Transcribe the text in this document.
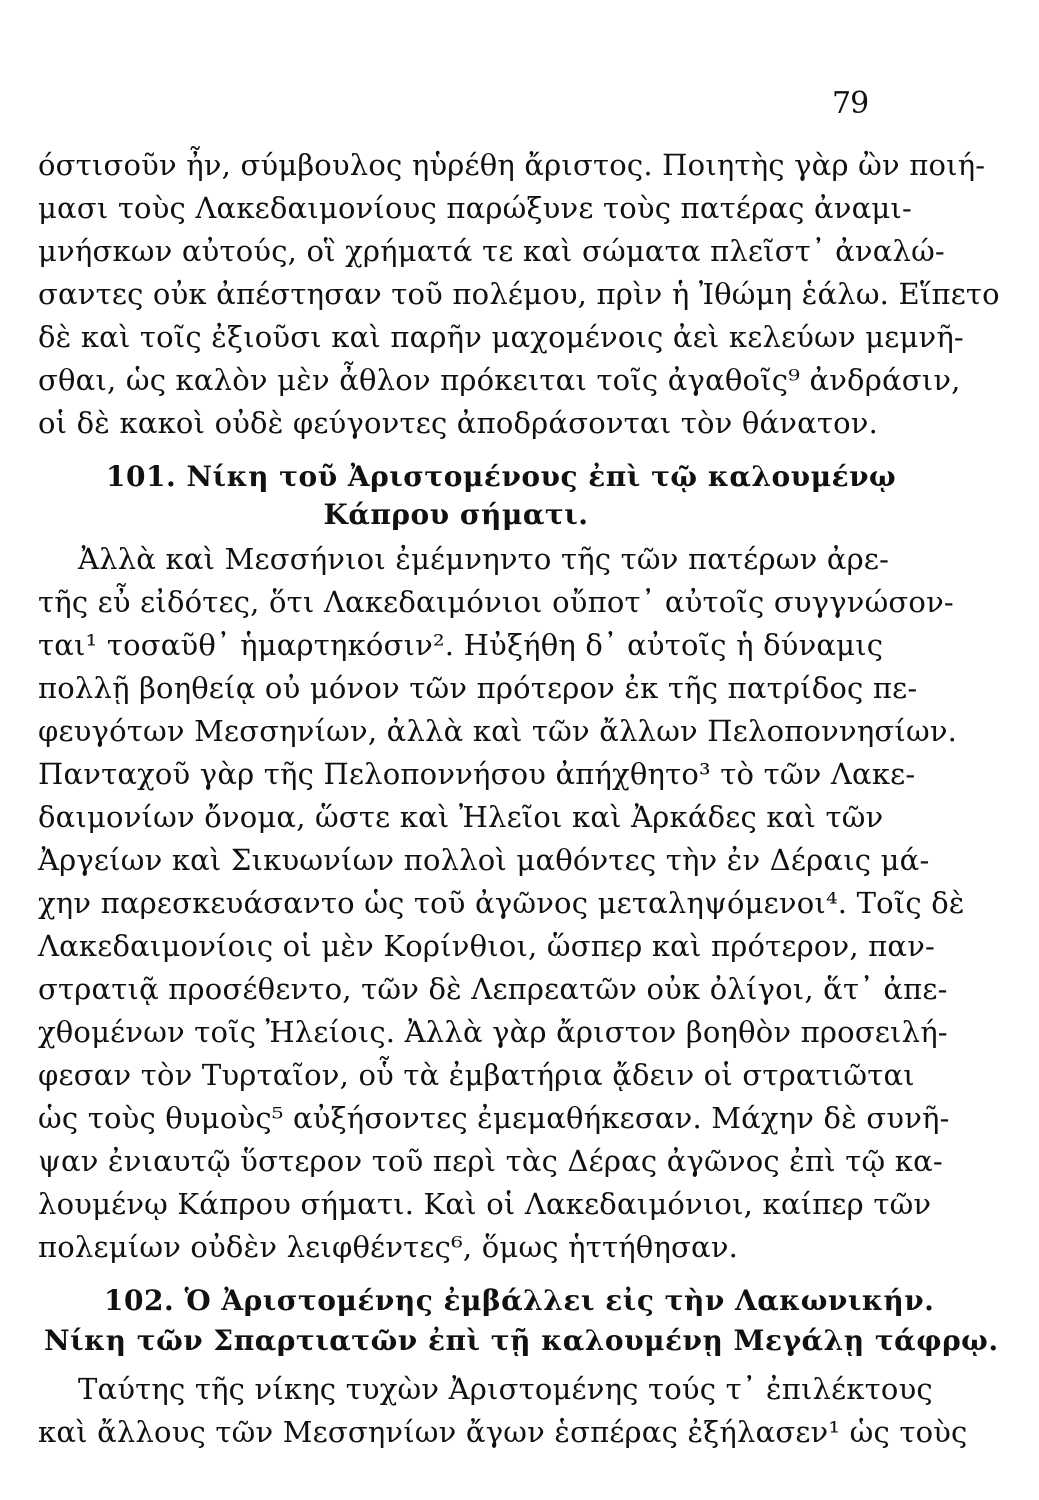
79
όστισοῦν ἦν, σύμβουλος ηὑρέθη ἄριστος. Ποιητὴς γὰρ ὢν ποιή-
μασι τοὺς Λακεδαιμονίους παρώξυνε τοὺς πατέρας ἀναμι-
μνήσκων αὐτούς, οἳ χρήματά τε καὶ σώματα πλεῖστ᾽ ἀναλώ-
σαντες οὐκ ἀπέστησαν τοῦ πολέμου, πρὶν ἡ Ἰθώμη ἑάλω. Εἵπετο
δὲ καὶ τοῖς ἐξιοῦσι καὶ παρῆν μαχομένοις ἀεὶ κελεύων μεμνῆ-
σθαι, ὡς καλὸν μὲν ἆθλον πρόκειται τοῖς ἀγαθοῖς⁹ ἀνδράσιν,
οἱ δὲ κακοὶ οὐδὲ φεύγοντες ἀποδράσονται τὸν θάνατον.
101. Νίκη τοῦ Ἀριστομένους ἐπὶ τῷ καλουμένῳ
Κάπρου σήματι.
Ἀλλὰ καὶ Μεσσήνιοι ἐμέμνηντο τῆς τῶν πατέρων ἀρε-
τῆς εὖ εἰδότες, ὅτι Λακεδαιμόνιοι οὔποτ᾽ αὐτοῖς συγγνώσον-
ται¹ τοσαῦθ᾽ ἡμαρτηκόσιν². Ηὐξήθη δ᾽ αὐτοῖς ἡ δύναμις
πολλῇ βοηθείᾳ οὐ μόνον τῶν πρότερον ἐκ τῆς πατρίδος πε-
φευγότων Μεσσηνίων, ἀλλὰ καὶ τῶν ἄλλων Πελοποννησίων.
Πανταχοῦ γὰρ τῆς Πελοποννήσου ἀπήχθητο³ τὸ τῶν Λακε-
δαιμονίων ὄνομα, ὥστε καὶ Ἠλεῖοι καὶ Ἀρκάδες καὶ τῶν
Ἀργείων καὶ Σικυωνίων πολλοὶ μαθόντες τὴν ἐν Δέραις μά-
χην παρεσκευάσαντο ὡς τοῦ ἀγῶνος μεταληψόμενοι⁴. Τοῖς δὲ
Λακεδαιμονίοις οἱ μὲν Κορίνθιοι, ὥσπερ καὶ πρότερον, παν-
στρατιᾷ προσέθεντο, τῶν δὲ Λεπρεατῶν οὐκ ὀλίγοι, ἅτ᾽ ἀπε-
χθομένων τοῖς Ἠλείοις. Ἀλλὰ γὰρ ἄριστον βοηθὸν προσειλή-
φεσαν τὸν Τυρταῖον, οὗ τὰ ἐμβατήρια ᾄδειν οἱ στρατιῶται
ὡς τοὺς θυμοὺς⁵ αὐξήσοντες ἐμεμαθήκεσαν. Μάχην δὲ συνῆ-
ψαν ἐνιαυτῷ ὕστερον τοῦ περὶ τὰς Δέρας ἀγῶνος ἐπὶ τῷ κα-
λουμένῳ Κάπρου σήματι. Καὶ οἱ Λακεδαιμόνιοι, καίπερ τῶν
πολεμίων οὐδὲν λειφθέντες⁶, ὅμως ἡττήθησαν.
102. Ὁ Ἀριστομένης ἐμβάλλει εἰς τὴν Λακωνικήν.
Νίκη τῶν Σπαρτιατῶν ἐπὶ τῇ καλουμένῃ Μεγάλῃ τάφρῳ.
Ταύτης τῆς νίκης τυχὼν Ἀριστομένης τούς τ᾽ ἐπιλέκτους
καὶ ἄλλους τῶν Μεσσηνίων ἄγων ἑσπέρας ἐξήλασεν¹ ὡς τοὺς
